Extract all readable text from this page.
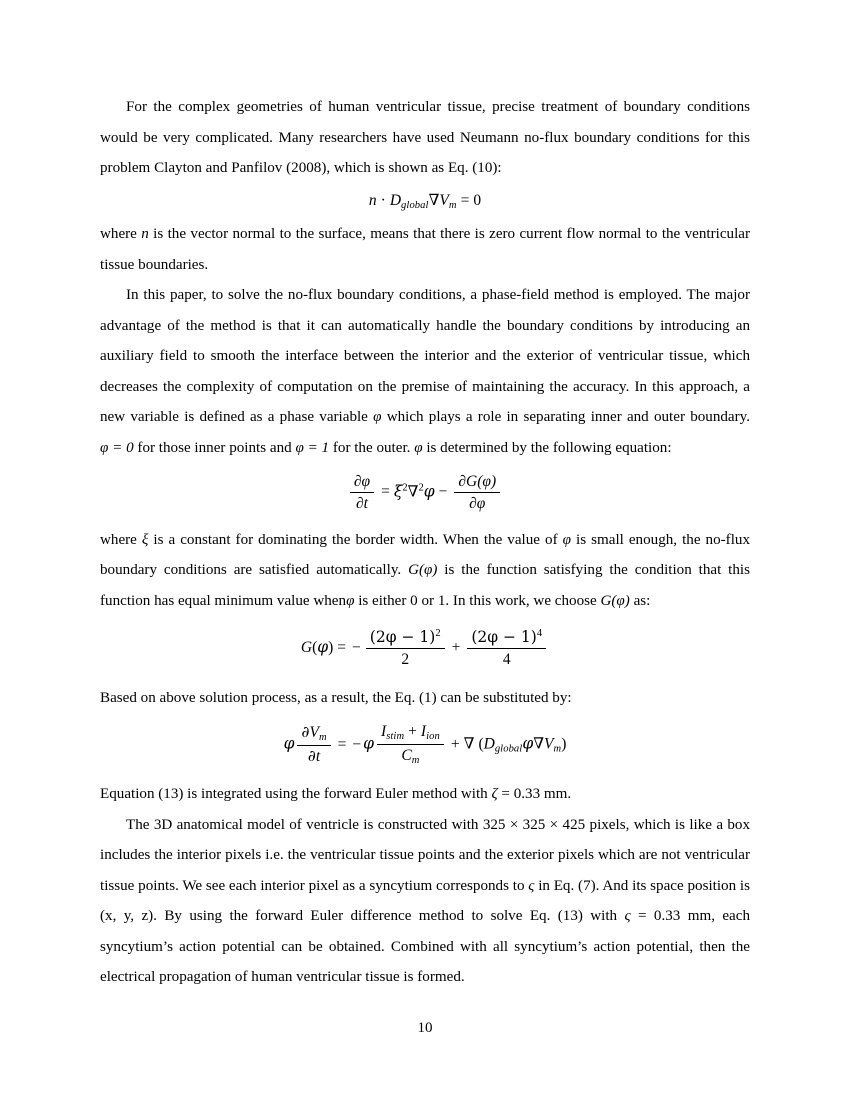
For the complex geometries of human ventricular tissue, precise treatment of boundary conditions would be very complicated. Many researchers have used Neumann no-flux boundary conditions for this problem Clayton and Panfilov (2008), which is shown as Eq. (10):

$n \cdot D_{global}\nabla V_m = 0$

where n is the vector normal to the surface, means that there is zero current flow normal to the ventricular tissue boundaries.

In this paper, to solve the no-flux boundary conditions, a phase-field method is employed. The major advantage of the method is that it can automatically handle the boundary conditions by introducing an auxiliary field to smooth the interface between the interior and the exterior of ventricular tissue, which decreases the complexity of computation on the premise of maintaining the accuracy. In this approach, a new variable is defined as a phase variable φ which plays a role in separating inner and outer boundary. φ = 0 for those inner points and φ = 1 for the outer. φ is determined by the following equation:

$\frac{\partial\varphi}{\partial t} = \xi^2\nabla^2\varphi - \frac{\partial G(\varphi)}{\partial\varphi}$

where ξ is a constant for dominating the border width. When the value of φ is small enough, the no-flux boundary conditions are satisfied automatically. G(φ) is the function satisfying the condition that this function has equal minimum value whenφ is either 0 or 1. In this work, we choose G(φ) as:

G(φ) = − $\frac{(2\varphi - 1)^2}{2} + \frac{(2\varphi - 1)^4}{4}$

Based on above solution process, as a result, the Eq. (1) can be substituted by:

φ $\frac{\partial V_m}{\partial t}$ = − φ $\frac{I_{stim} + I_{ion}}{C_m}$ + ∇ $(D_{global}\varphi\nabla V_m)$

Equation (13) is integrated using the forward Euler method with ζ = 0.33 mm.

The 3D anatomical model of ventricle is constructed with 325 × 325 × 425 pixels, which is like a box includes the interior pixels i.e. the ventricular tissue points and the exterior pixels which are not ventricular tissue points. We see each interior pixel as a syncytium corresponds to ς in Eq. (7). And its space position is (x, y, z). By using the forward Euler difference method to solve Eq. (13) with ς = 0.33 mm, each syncytium’s action potential can be obtained. Combined with all syncytium’s action potential, then the electrical propagation of human ventricular tissue is formed.

10
